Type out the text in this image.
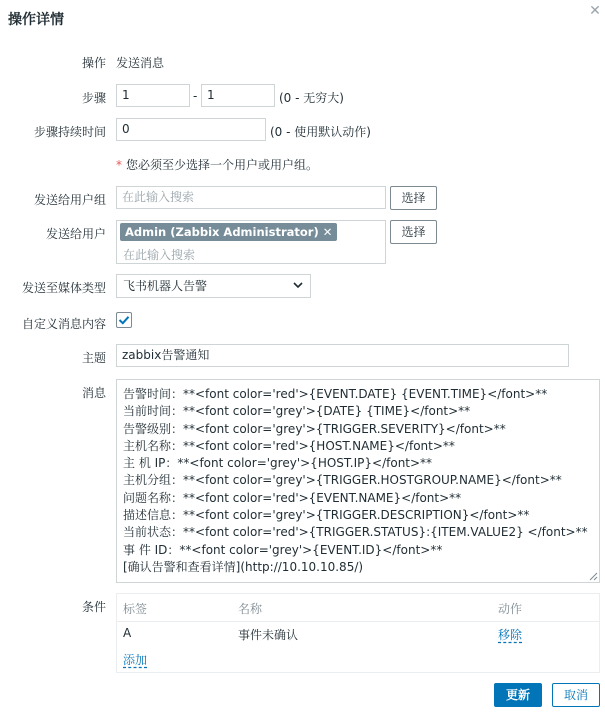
操作详情
✕
操作 发送消息
步骤	1	- 1	(0 - 无穷大)
步骤持续时间	0	(0 - 使用默认动作)
* 您必须至少选择一个用户或用户组。
发送给用户组	在此输入搜索	选择
发送给用户	Admin (Zabbix Administrator) ✕
在此输入搜索
选择
发送至媒体类型	飞书机器人告警
自定义消息内容
主题	zabbix告警通知
消息 告警时间：**<font color='red'>{EVENT.DATE} {EVENT.TIME}</font>**
当前时间：**<font color='grey'>{DATE} {TIME}</font>**
告警级别：**<font color='grey'>{TRIGGER.SEVERITY}</font>**
主机名称：**<font color='red'>{HOST.NAME}</font>**
主 机 IP：**<font color='grey'>{HOST.IP}</font>**
主机分组：**<font color='grey'>{TRIGGER.HOSTGROUP.NAME}</font>**
问题名称：**<font color='red'>{EVENT.NAME}</font>**
描述信息：**<font color='grey'>{TRIGGER.DESCRIPTION}</font>**
当前状态：**<font color='red'>{TRIGGER.STATUS}:{ITEM.VALUE2} </font>**
事 件 ID：**<font color='grey'>{EVENT.ID}</font>**
[确认告警和查看详情](http://10.10.10.85/)
条件 标签	名称	动作
A	事件未确认	移除
添加
更新	取消
